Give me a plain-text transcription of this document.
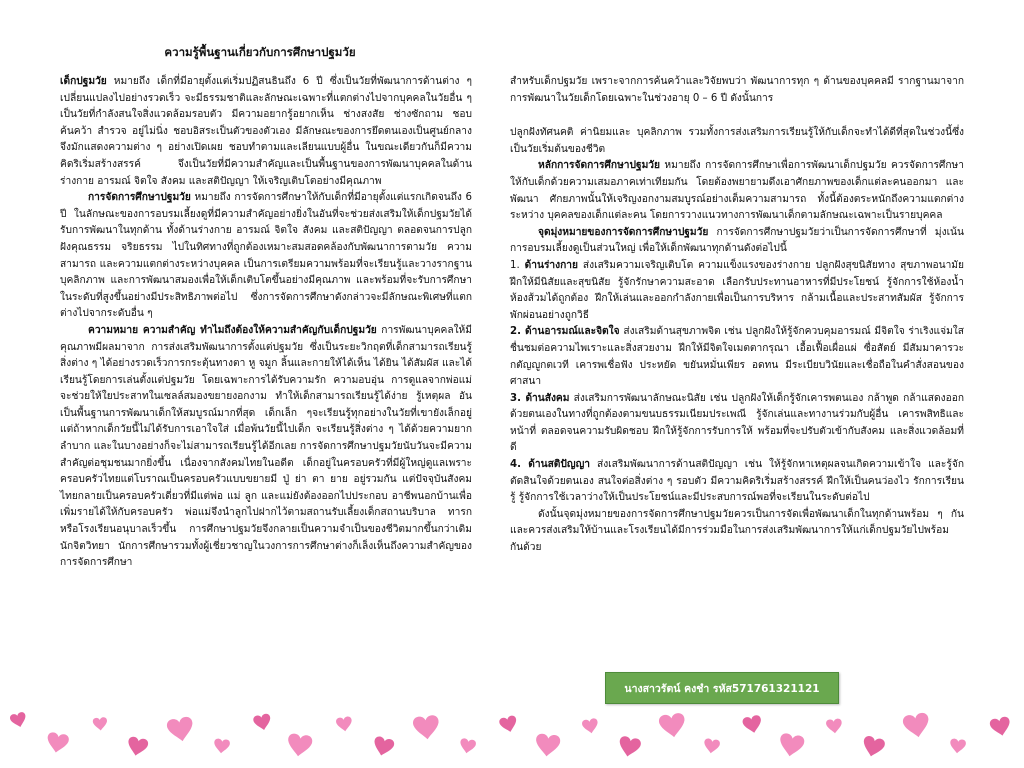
ความรู้พื้นฐานเกี่ยวกับการศึกษาปฐมวัย

เด็กปฐมวัย หมายถึง เด็กที่มีอายุตั้งแต่เริ่มปฏิสนธินถึง 6 ปี ซึ่งเป็นวัยที่พัฒนาการด้านต่าง ๆ เปลี่ยนแปลงไปอย่างรวดเร็ว จะมีธรรมชาติและลักษณะเฉพาะที่แตกต่างไปจากบุคคลในวัยอื่น ๆ เป็นวัยที่กำลังสนใจสิ่งแวดล้อมรอบตัว มีความอยากรู้อยากเห็น ช่างสงสัย ช่างซักถาม ชอบค้นคว้า สำรวจ อยู่ไม่นิ่ง ชอบอิสระเป็นตัวของตัวเอง มีลักษณะของการยึดตนเองเป็นศูนย์กลางจึงมักแสดงความต่าง ๆ อย่างเปิดเผย ชอบทำตามและเลียนแบบผู้อื่น ในขณะเดียวกันก็มีความคิดริเริ่มสร้างสรรค์ จึงเป็นวัยที่มีความสำคัญและเป็นพื้นฐานของการพัฒนาบุคคลในด้านร่างกาย อารมณ์ จิตใจ สังคม และสติปัญญา ให้เจริญเติบโตอย่างมีคุณภาพ

การจัดการศึกษาปฐมวัย หมายถึง การจัดการศึกษาให้กับเด็กที่มีอายุตั้งแต่แรกเกิดจนถึง 6 ปี ในลักษณะของการอบรมเลี้ยงดูที่มีความสำคัญอย่างยิ่งในอันที่จะช่วยส่งเสริมให้เด็กปฐมวัยได้รับการพัฒนาในทุกด้าน ทั้งด้านร่างกาย อารมณ์ จิตใจ สังคม และสติปัญญา ตลอดจนการปลูกฝังคุณธรรม จริยธรรม ไปในทิศทางที่ถูกต้องเหมาะสมสอดคล้องกับพัฒนาการตามวัย ความสามารถ และความแตกต่างระหว่างบุคคล เป็นการเตรียมความพร้อมที่จะเรียนรู้และวางรากฐานบุคลิกภาพ และการพัฒนาสมองเพื่อให้เด็กเติบโตขึ้นอย่างมีคุณภาพ และพร้อมที่จะรับการศึกษาในระดับที่สูงขึ้นอย่างมีประสิทธิภาพต่อไป ซึ่งการจัดการศึกษาดังกล่าวจะมีลักษณะพิเศษที่แตกต่างไปจากระดับอื่น ๆ

ความหมาย ความสำคัญ ทำไมถึงต้องให้ความสำคัญกับเด็กปฐมวัย การพัฒนาบุคคลให้มีคุณภาพมีผลมาจาก การส่งเสริมพัฒนาการตั้งแต่ปฐมวัย ซึ่งเป็นระยะวิกฤตที่เด็กสามารถเรียนรู้สิ่งต่าง ๆ ได้อย่างรวดเร็วการกระตุ้นทางตา หู จมูก ลิ้นและกายให้ได้เห็น ได้ยิน ได้สัมผัส และได้เรียนรู้โดยการเล่นตั้งแต่ปฐมวัย โดยเฉพาะการได้รับความรัก ความอบอุ่น การดูแลจากพ่อแม่ จะช่วยให้ใยประสาทในเซลล์สมองขยายงอกงาม ทำให้เด็กสามารถเรียนรู้ได้ง่าย รู้เหตุผล อันเป็นพื้นฐานการพัฒนาเด็กให้สมบูรณ์มากที่สุด เด็กเล็ก ๆจะเรียนรู้ทุกอย่างในวัยที่เขายังเล็กอยู่ แต่ถ้าหากเด็กวัยนี้ไม่ได้รับการเอาใจใส่ เมื่อพ้นวัยนี้ไปเด็ก จะเรียนรู้สิ่งต่าง ๆ ได้ด้วยความยากลำบาก และในบางอย่างก็จะไม่สามารถเรียนรู้ได้อีกเลย การจัดการศึกษาปฐมวัยนับวันจะมีความสำคัญต่อชุมชนมากยิ่งขึ้น เนื่องจากสังคมไทยในอดีต เด็กอยู่ในครอบครัวที่มีผู้ใหญ่ดูแลเพราะครอบครัวไทยแต่โบราณเป็นครอบครัวแบบขยายมี ปู่ ย่า ตา ยาย อยู่รวมกัน แต่ปัจจุบันสังคมไทยกลายเป็นครอบครัวเดี่ยวที่มีแต่พ่อ แม่ ลูก และแม่ยังต้องออกไปประกอบ อาชีพนอกบ้านเพื่อเพิ่มรายได้ให้กับครอบครัว พ่อแม่จึงนำลูกไปฝากไว้ตามสถานรับเลี้ยงเด็กสถานบริบาล ทารก หรือโรงเรียนอนุบาลเร็วขึ้น การศึกษาปฐมวัยจึงกลายเป็นความจำเป็นของชีวิตมากขึ้นกว่าเดิม นักจิตวิทยา นักการศึกษารวมทั้งผู้เชี่ยวชาญในวงการการศึกษาต่างก็เล็งเห็นถึงความสำคัญของการจัดการศึกษา

สำหรับเด็กปฐมวัย เพราะจากการค้นคว้าและวิจัยพบว่า พัฒนาการทุก ๆ ด้านของบุคคลมี รากฐานมาจากการพัฒนาในวัยเด็กโดยเฉพาะในช่วงอายุ 0 – 6 ปี ดังนั้นการ

ปลูกฝังทัศนคติ ค่านิยมและ บุคลิกภาพ รวมทั้งการส่งเสริมการเรียนรู้ให้กับเด็กจะทำได้ดีที่สุดในช่วงนี้ซึ่งเป็นวัยเริ่มต้นของชีวิต

หลักการจัดการศึกษาปฐมวัย หมายถึง การจัดการศึกษาเพื่อการพัฒนาเด็กปฐมวัย ควรจัดการศึกษาให้กับเด็กด้วยความเสมอภาคเท่าเทียมกัน โดยต้องพยายามดึงเอาศักยภาพของเด็กแต่ละคนออกมา และพัฒนา ศักยภาพนั้นให้เจริญงอกงามสมบูรณ์อย่างเต็มความสามารถ ทั้งนี้ต้องตระหนักถึงความแตกต่างระหว่าง บุคคลของเด็กแต่ละคน โดยการวางแนวทางการพัฒนาเด็กตามลักษณะเฉพาะเป็นรายบุคคล

จุดมุ่งหมายของการจัดการศึกษาปฐมวัย การจัดการศึกษาปฐมวัยว่าเป็นการจัดการศึกษาที่ มุ่งเน้นการอบรมเลี้ยงดูเป็นส่วนใหญ่ เพื่อให้เด็กพัฒนาทุกด้านดังต่อไปนี้

1. ด้านร่างกาย ส่งเสริมความเจริญเติบโต ความแข็งแรงของร่างกาย ปลูกฝังสุขนิสัยทาง สุขภาพอนามัย ฝึกให้มีนิสัยและสุขนิสัย รู้จักรักษาความสะอาด เลือกรับประทานอาหารที่มีประโยชน์ รู้จักการใช้ห้องน้ำ ห้องส้วมได้ถูกต้อง ฝึกให้เล่นและออกกำลังกายเพื่อเป็นการบริหาร กล้ามเนื้อและประสาทสัมผัส รู้จักการพักผ่อนอย่างถูกวิธี

2. ด้านอารมณ์และจิตใจ ส่งเสริมด้านสุขภาพจิต เช่น ปลูกฝังให้รู้จักควบคุมอารมณ์ มีจิตใจ ร่าเริงแจ่มใส ชื่นชมต่อความไพเราะและสิ่งสวยงาม ฝึกให้มีจิตใจเมตตากรุณา เอื้อเฟื้อเผื่อแผ่ ซื่อสัตย์ มีสัมมาคารวะ กตัญญูกตเวที เคารพเชื่อฟัง ประหยัด ขยันหมั่นเพียร อดทน มีระเบียบวินัยและเชื่อถือในคำสั่งสอนของศาสนา

3. ด้านสังคม ส่งเสริมการพัฒนาลักษณะนิสัย เช่น ปลูกฝังให้เด็กรู้จักเคารพตนเอง กล้าพูด กล้าแสดงออกด้วยตนเองในทางที่ถูกต้องตามขนบธรรมเนียมประเพณี รู้จักเล่นและทางานร่วมกับผู้อื่น เคารพสิทธิและหน้าที่ ตลอดจนความรับผิดชอบ ฝึกให้รู้จักการรับการให้ พร้อมที่จะปรับตัวเข้ากับสังคม และสิ่งแวดล้อมที่ดี

4. ด้านสติปัญญา ส่งเสริมพัฒนาการด้านสติปัญญา เช่น ให้รู้จักหาเหตุผลจนเกิดความเข้าใจ และรู้จักตัดสินใจด้วยตนเอง สนใจต่อสิ่งต่าง ๆ รอบตัว มีความคิดริเริ่มสร้างสรรค์ ฝึกให้เป็นคนว่องไว รักการเรียนรู้ รู้จักการใช้เวลาว่างให้เป็นประโยชน์และมีประสบการณ์พอที่จะเรียนในระดับต่อไป

ดังนั้นจุดมุ่งหมายของการจัดการศึกษาปฐมวัยควรเป็นการจัดเพื่อพัฒนาเด็กในทุกด้านพร้อม ๆ กัน และควรส่งเสริมให้บ้านและโรงเรียนได้มีการร่วมมือในการส่งเสริมพัฒนาการให้แก่เด็กปฐมวัยไปพร้อม กันด้วย

นางสาวรัตน์ คงชำ รหัส571761321121
